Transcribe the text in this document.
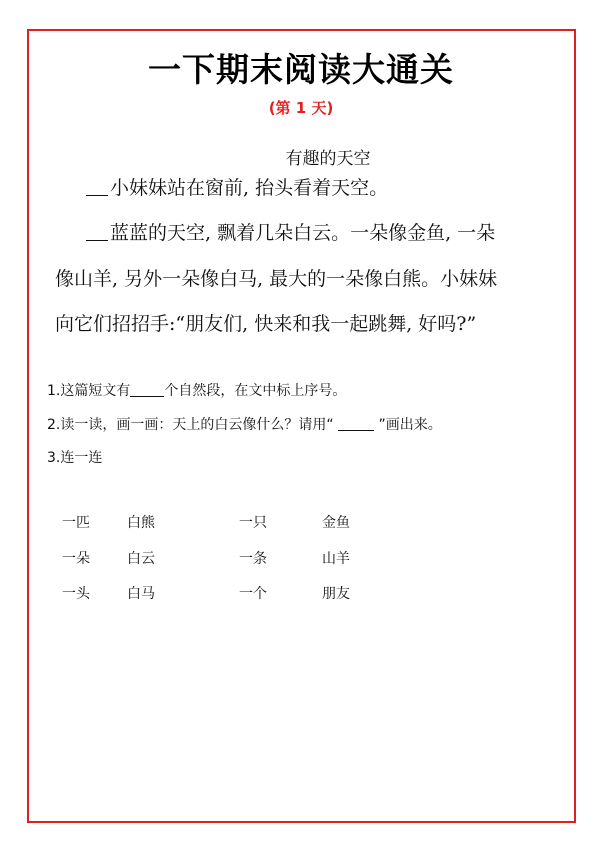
一下期末阅读大通关
(第 1 天)
有趣的天空
小妹妹站在窗前, 抬头看着天空。
蓝蓝的天空, 飘着几朵白云。一朵像金鱼, 一朵
像山羊, 另外一朵像白马, 最大的一朵像白熊。小妹妹
向它们招招手:“朋友们, 快来和我一起跳舞, 好吗?”
1.这篇短文有 个自然段，在文中标上序号。
2.读一读，画一画：天上的白云像什么？请用“	”画出来。
3.连一连
一匹	白熊	一只	金鱼
一朵	白云	一条	山羊
一头	白马	一个	朋友
